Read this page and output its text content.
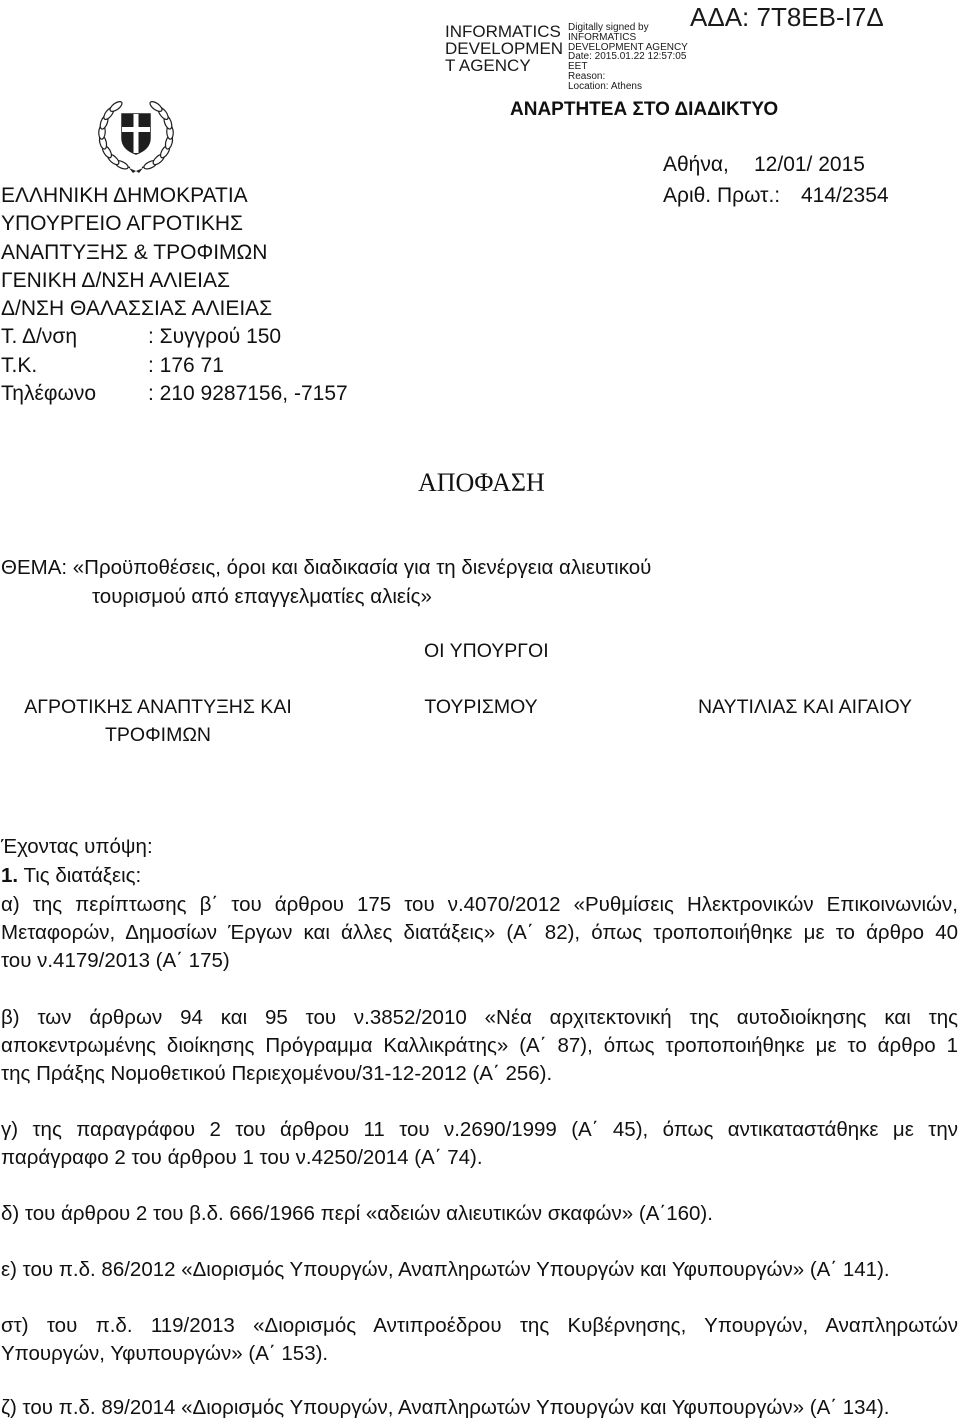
ΑΔΑ: 7Τ8ΕΒ-Ι7Δ
INFORMATICS
DEVELOPMEN
T AGENCY
Digitally signed by
INFORMATICS
DEVELOPMENT AGENCY
Date: 2015.01.22 12:57:05
EET
Reason:
Location: Athens
ΑΝΑΡΤΗΤΕΑ ΣΤΟ ΔΙΑΔΙΚΤΥΟ
Αθήνα, 12/01/ 2015
Αριθ. Πρωτ.: 414/2354
ΕΛΛΗΝΙΚΗ ΔΗΜΟΚΡΑΤΙΑ
ΥΠΟΥΡΓΕΙΟ ΑΓΡΟΤΙΚΗΣ
ΑΝΑΠΤΥΞΗΣ & ΤΡΟΦΙΜΩΝ
ΓΕΝΙΚΗ Δ/ΝΣΗ ΑΛΙΕΙΑΣ
Δ/ΝΣΗ ΘΑΛΑΣΣΙΑΣ ΑΛΙΕΙΑΣ
Τ. Δ/νση	: Συγγρού 150
Τ.Κ.	: 176 71
Τηλέφωνο : 210 9287156, -7157
ΑΠΟΦΑΣΗ
ΘΕΜΑ: «Προϋποθέσεις, όροι και διαδικασία για τη διενέργεια αλιευτικού
τουρισμού από επαγγελματίες αλιείς»
ΟΙ ΥΠΟΥΡΓΟΙ
ΑΓΡΟΤΙΚΗΣ ΑΝΑΠΤΥΞΗΣ ΚΑΙ
ΤΡΟΦΙΜΩΝ
ΤΟΥΡΙΣΜΟΥ	ΝΑΥΤΙΛΙΑΣ ΚΑΙ ΑΙΓΑΙΟΥ
Έχοντας υπόψη:
1. Τις διατάξεις:
α) της περίπτωσης β΄ του άρθρου 175 του ν.4070/2012 «Ρυθμίσεις Ηλεκτρονικών Επικοινωνιών,
Μεταφορών, Δημοσίων Έργων και άλλες διατάξεις» (Α΄ 82), όπως τροποποιήθηκε με το άρθρο 40
του ν.4179/2013 (Α΄ 175)
β) των άρθρων 94 και 95 του ν.3852/2010 «Νέα αρχιτεκτονική της αυτοδιοίκησης και της
αποκεντρωμένης διοίκησης Πρόγραμμα Καλλικράτης» (Α΄ 87), όπως τροποποιήθηκε με το άρθρο 1
της Πράξης Νομοθετικού Περιεχομένου/31-12-2012 (Α΄ 256).
γ) της παραγράφου 2 του άρθρου 11 του ν.2690/1999 (Α΄ 45), όπως αντικαταστάθηκε με την
παράγραφο 2 του άρθρου 1 του ν.4250/2014 (Α΄ 74).
δ) του άρθρου 2 του β.δ. 666/1966 περί «αδειών αλιευτικών σκαφών» (Α΄160).
ε) του π.δ. 86/2012 «Διορισμός Υπουργών, Αναπληρωτών Υπουργών και Υφυπουργών» (Α΄ 141).
στ) του π.δ. 119/2013 «Διορισμός Αντιπροέδρου της Κυβέρνησης, Υπουργών, Αναπληρωτών
Υπουργών, Υφυπουργών» (Α΄ 153).
ζ) του π.δ. 89/2014 «Διορισμός Υπουργών, Αναπληρωτών Υπουργών και Υφυπουργών» (Α΄ 134).
